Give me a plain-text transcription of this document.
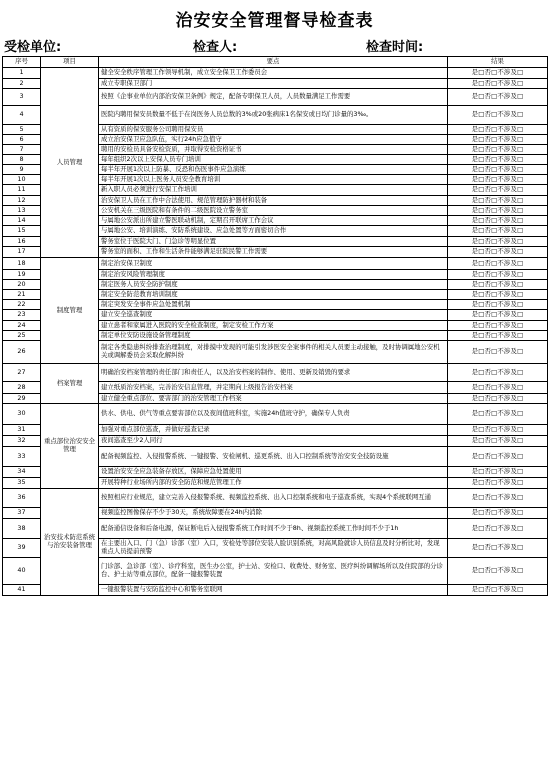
治安安全管理督导检查表
受检单位:	检查人:	检查时间:
序号	项目	要点	结果
1	人员管理	健全安全秩序管理工作领导机制，成立安全保卫工作委员会	是□否□不涉及□
2		成立专职保卫部门	是□否□不涉及□
3		按照《企事业单位内部治安保卫条例》规定，配备专职保卫人员，人员数量满足工作需要	是□否□不涉及□
4		医院内聘用保安员数量不低于在岗医务人员总数的3%或20张病床1名保安或日均门诊量的3‰。	是□否□不涉及□
5		从有资质的保安服务公司聘用保安员	是□否□不涉及□
6		成立治安保卫应急队伍，实行24h应急值守	是□否□不涉及□
7		聘用的安检员具备安检资质，并取得安检资格证书	是□否□不涉及□
8		每年组织2次以上安保人员专门培训	是□否□不涉及□
9		每半年开展1次以上防暴、反恐和伤医事件应急演练	是□否□不涉及□
10		每半年开展1次以上医务人员安全教育培训	是□否□不涉及□
11		新入职人员必须进行安保工作培训	是□否□不涉及□
12		治安保卫人员在工作中合法使用、规范管理防护器材和装备	是□否□不涉及□
13		公安机关在三级医院和有条件的二级医院设立警务室	是□否□不涉及□
14		与属地公安派出所建立警医联动机制，定期召开联席工作会议	是□否□不涉及□
15		与属地公安、培训演练、安防系统建设、应急处置等方面密切合作	是□否□不涉及□
16		警务室位于医院大门、门急诊等明显位置	是□否□不涉及□
17		警务室的面积、工作和生活条件能够满足驻院民警工作需要	是□否□不涉及□
18	制度管理	制定治安保卫制度	是□否□不涉及□
19		制定治安风险管理制度	是□否□不涉及□
20		制定医务人员安全防护制度	是□否□不涉及□
21		制定安全防范教育培训制度	是□否□不涉及□
22		制定突发安全事件应急处置机制	是□否□不涉及□
23		建立安全巡查制度	是□否□不涉及□
24		建立患者和家属进入医院的安全检查制度，制定安检工作方案	是□否□不涉及□
25		制定单位安防设施设备管理制度	是□否□不涉及□
26		制定各类隐患纠纷排查治理制度，对排摸中发现的可能引发涉医安全案事件的相关人员要主动接触，及时协调属地公安机关或调解委员会采取化解纠纷	是□否□不涉及□
27	档案管理	明确治安档案管理的责任部门和责任人，以及治安档案的制作、使用、更新及销毁的要求	是□否□不涉及□
28		建立纸质治安档案，完善治安信息管理，并定期向上级报告治安档案	是□否□不涉及□
29		建立健全重点部位、要害部门的治安管理工作档案	是□否□不涉及□
30	重点部位治安安全管理	供水、供电、供气等重点要害部位以及夜间值班科室，实施24h值班守护，确保专人负责	是□否□不涉及□
31		加强对重点部位巡查，并做好巡查记录	是□否□不涉及□
32		夜间巡查至少2人同行	是□否□不涉及□
33		配备视频监控、入侵报警系统、一键报警、安检闸机、巡更系统、出入口控制系统等治安安全技防设施	是□否□不涉及□
34		设置治安安全应急装备存放区，保障应急处置使用	是□否□不涉及□
35		开展特种行业场所内部的安全防范和规范管理工作	是□否□不涉及□
36	治安技术防范系统与治安装备管理	按照相应行业规范，建立完善入侵报警系统、视频监控系统、出入口控制系统和电子巡查系统，实现4个系统联网互通	是□否□不涉及□
37		视频监控图像保存不少于30天，系统故障要在24h内消除	是□否□不涉及□
38		配备通信设备和后备电源，保证断电后入侵报警系统工作时间不少于8h、视频监控系统工作时间不少于1h	是□否□不涉及□
39		在主要出入口、门（急）诊部（室）入口，安检处等部位安装人脸识别系统，对高风险就诊人员信息及时分析比对，发现重点人员提前预警	是□否□不涉及□
40		门诊部、急诊部（室）、诊疗科室，医生办公室，护士站、安检口、收费处、财务室、医疗纠纷调解场所以及住院部的分诊台、护士站等重点部位，配备一键报警装置	是□否□不涉及□
41		一键报警装置与安防监控中心和警务室联网	是□否□不涉及□
